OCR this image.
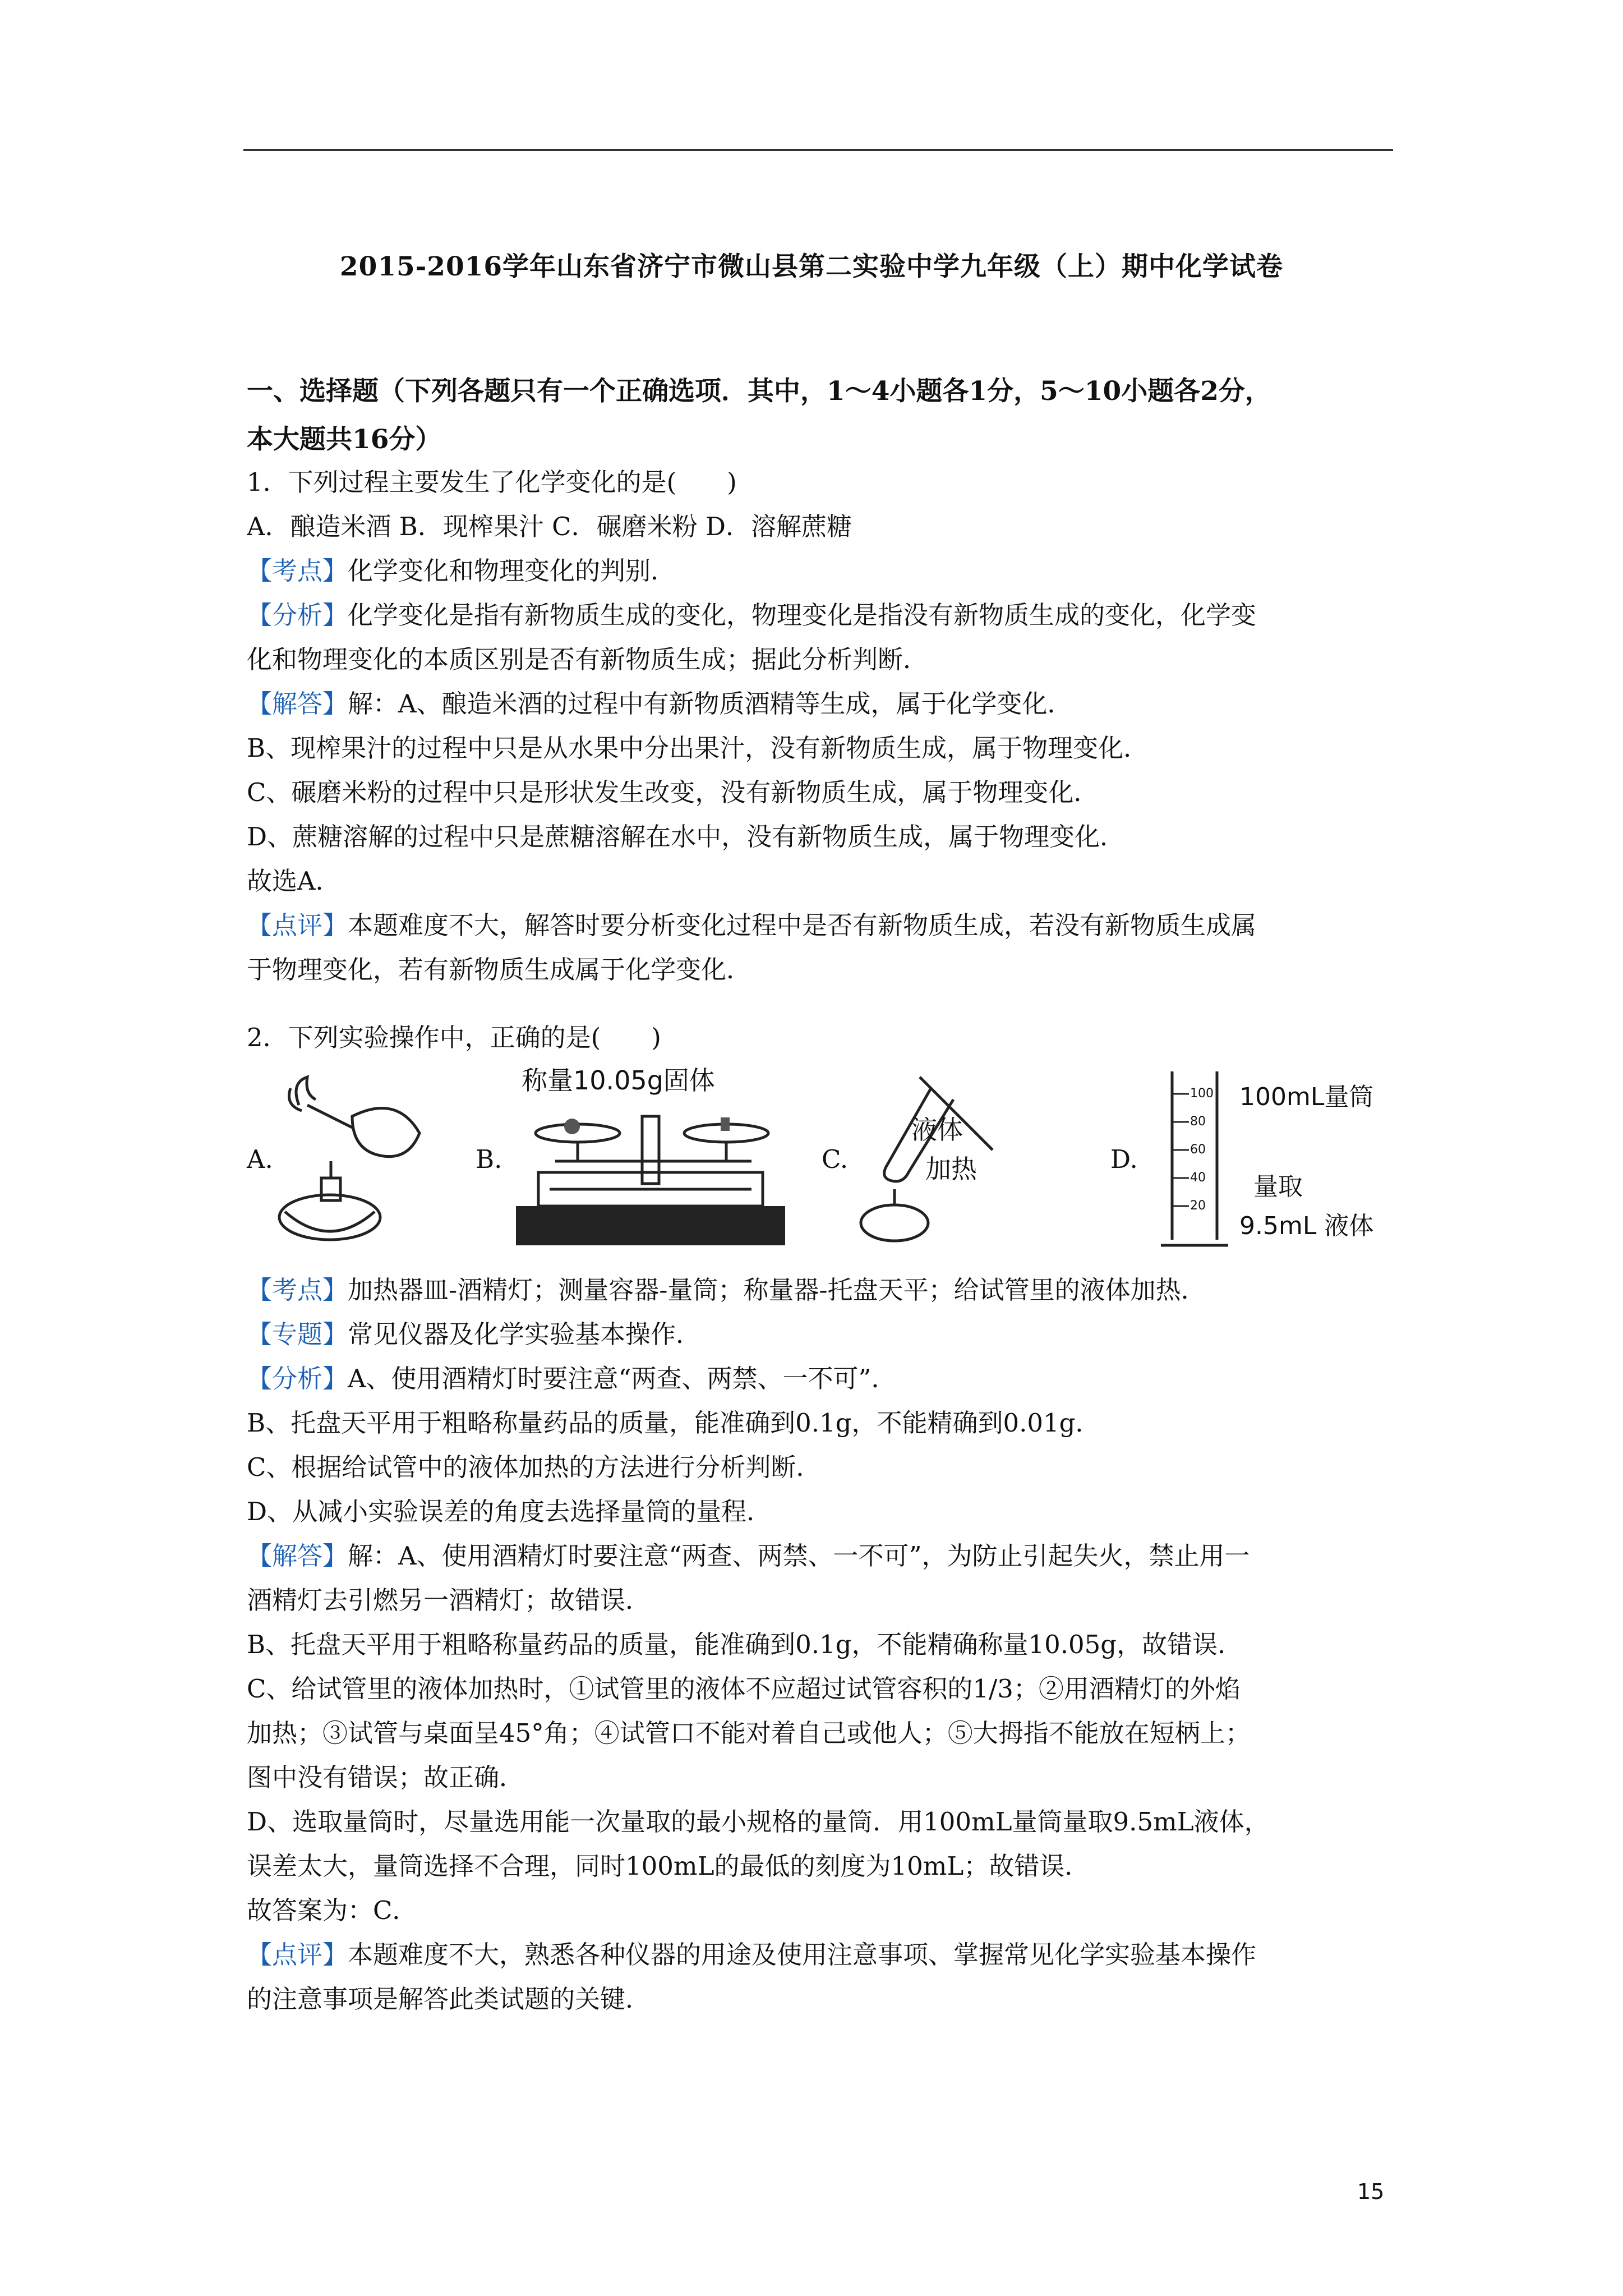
2015-2016学年山东省济宁市微山县第二实验中学九年级（上）期中化学试卷
一、选择题（下列各题只有一个正确选项．其中，1～4小题各1分，5～10小题各2分，
本大题共16分）
1．下列过程主要发生了化学变化的是(　　)
A．酿造米酒 B．现榨果汁 C．碾磨米粉 D．溶解蔗糖
【考点】化学变化和物理变化的判别．
【分析】化学变化是指有新物质生成的变化，物理变化是指没有新物质生成的变化，化学变
化和物理变化的本质区别是否有新物质生成；据此分析判断．
【解答】解：A、酿造米酒的过程中有新物质酒精等生成，属于化学变化．
B、现榨果汁的过程中只是从水果中分出果汁，没有新物质生成，属于物理变化．
C、碾磨米粉的过程中只是形状发生改变，没有新物质生成，属于物理变化．
D、蔗糖溶解的过程中只是蔗糖溶解在水中，没有新物质生成，属于物理变化．
故选A．
【点评】本题难度不大，解答时要分析变化过程中是否有新物质生成，若没有新物质生成属
于物理变化，若有新物质生成属于化学变化．
2．下列实验操作中，正确的是(　　)
A.	B.
称量10.05g固体
C.
液体
加热	D.
100
80
60
40
20
100mL量筒
量取
9.5mL 液体
【考点】加热器皿-酒精灯；测量容器-量筒；称量器-托盘天平；给试管里的液体加热．
【专题】常见仪器及化学实验基本操作．
【分析】A、使用酒精灯时要注意“两查、两禁、一不可”．
B、托盘天平用于粗略称量药品的质量，能准确到0.1g，不能精确到0.01g．
C、根据给试管中的液体加热的方法进行分析判断．
D、从减小实验误差的角度去选择量筒的量程．
【解答】解：A、使用酒精灯时要注意“两查、两禁、一不可”，为防止引起失火，禁止用一
酒精灯去引燃另一酒精灯；故错误．
B、托盘天平用于粗略称量药品的质量，能准确到0.1g，不能精确称量10.05g，故错误．
C、给试管里的液体加热时，①试管里的液体不应超过试管容积的1/3；②用酒精灯的外焰
加热；③试管与桌面呈45°角；④试管口不能对着自己或他人；⑤大拇指不能放在短柄上；
图中没有错误；故正确．
D、选取量筒时，尽量选用能一次量取的最小规格的量筒．用100mL量筒量取9.5mL液体，
误差太大，量筒选择不合理，同时100mL的最低的刻度为10mL；故错误．
故答案为：C．
【点评】本题难度不大，熟悉各种仪器的用途及使用注意事项、掌握常见化学实验基本操作
的注意事项是解答此类试题的关键．
15
